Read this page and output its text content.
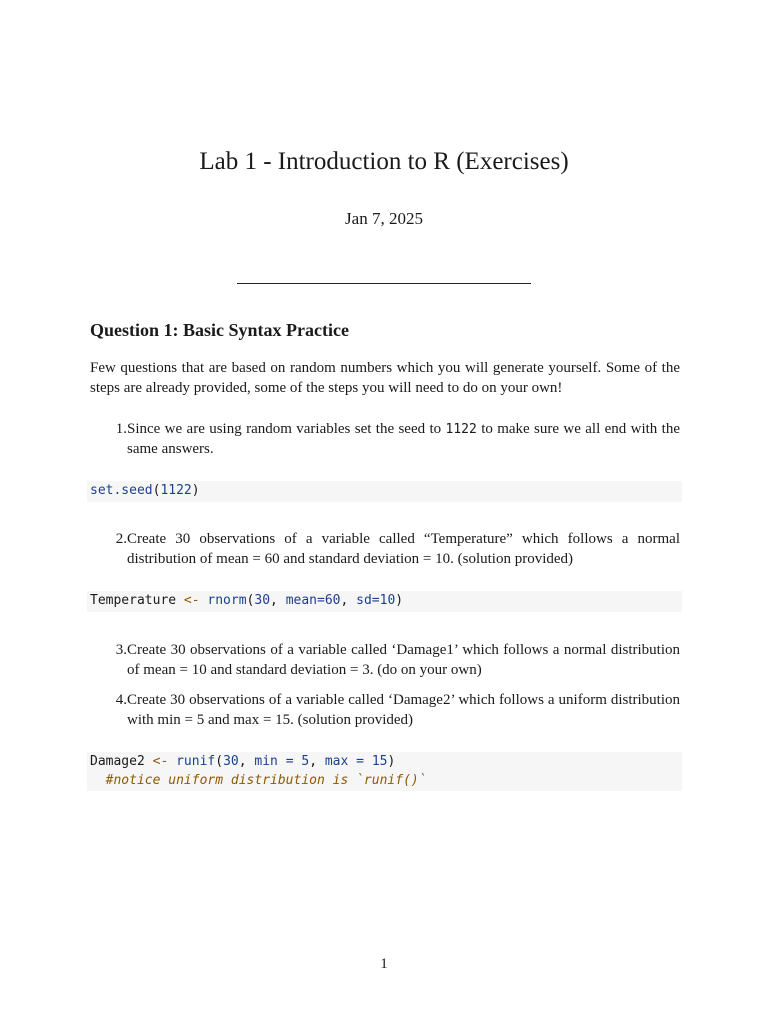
Lab 1 - Introduction to R (Exercises)
Jan 7, 2025
Question 1: Basic Syntax Practice
Few questions that are based on random numbers which you will generate yourself. Some of the steps are already provided, some of the steps you will need to do on your own!
1. Since we are using random variables set the seed to 1122 to make sure we all end with the same answers.
set.seed(1122)
2. Create 30 observations of a variable called “Temperature” which follows a normal distribution of mean = 60 and standard deviation = 10. (solution provided)
Temperature <- rnorm(30, mean=60, sd=10)
3. Create 30 observations of a variable called ‘Damage1’ which follows a normal distribution of mean = 10 and standard deviation = 3. (do on your own)
4. Create 30 observations of a variable called ‘Damage2’ which follows a uniform distribution with min = 5 and max = 15. (solution provided)
Damage2 <- runif(30, min = 5, max = 15)
#notice uniform distribution is `runif()`
1
